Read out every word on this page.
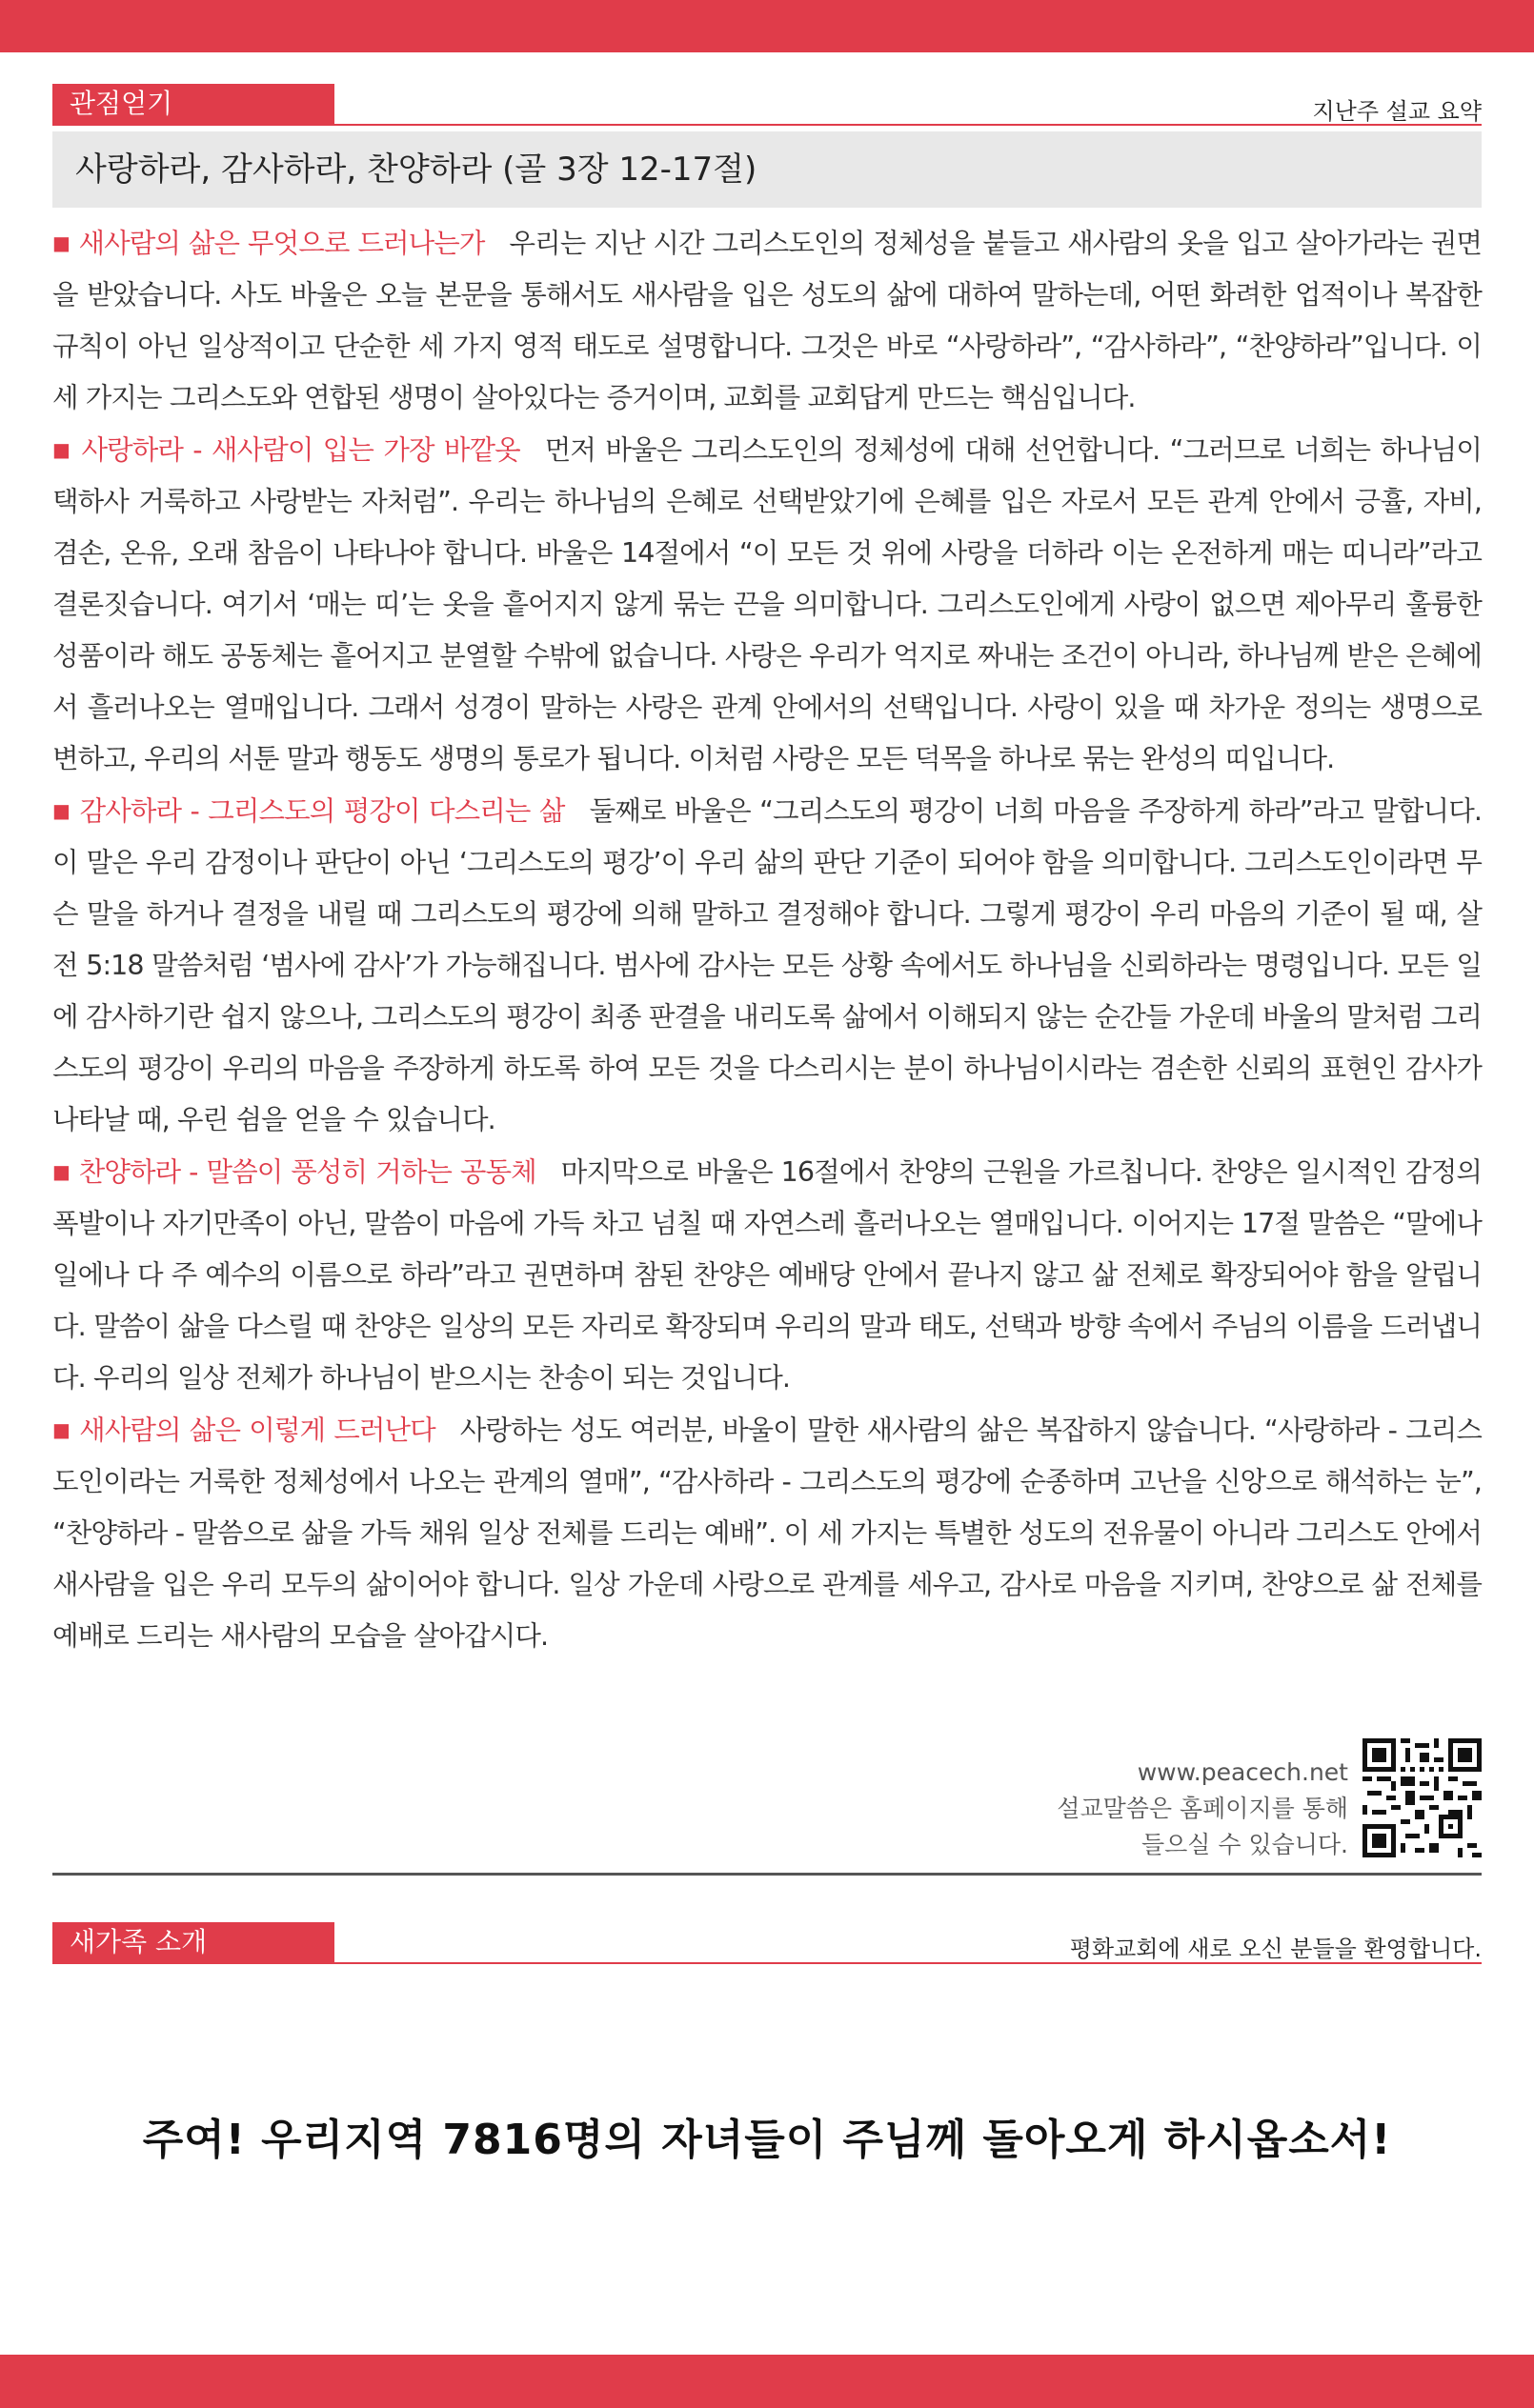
관점얻기	지난주 설교 요약
사랑하라, 감사하라, 찬양하라 (골 3장 12-17절)

■ 새사람의 삶은 무엇으로 드러나는가 우리는 지난 시간 그리스도인의 정체성을 붙들고 새사람의 옷을 입고 살아가라는 권면을 받았습니다. 사도 바울은 오늘 본문을 통해서도 새사람을 입은 성도의 삶에 대하여 말하는데, 어떤 화려한 업적이나 복잡한 규칙이 아닌 일상적이고 단순한 세 가지 영적 태도로 설명합니다. 그것은 바로 “사랑하라”, “감사하라”, “찬양하라”입니다. 이 세 가지는 그리스도와 연합된 생명이 살아있다는 증거이며, 교회를 교회답게 만드는 핵심입니다.

■ 사랑하라 - 새사람이 입는 가장 바깥옷 먼저 바울은 그리스도인의 정체성에 대해 선언합니다. “그러므로 너희는 하나님이 택하사 거룩하고 사랑받는 자처럼”. 우리는 하나님의 은혜로 선택받았기에 은혜를 입은 자로서 모든 관계 안에서 긍휼, 자비, 겸손, 온유, 오래 참음이 나타나야 합니다. 바울은 14절에서 “이 모든 것 위에 사랑을 더하라 이는 온전하게 매는 띠니라”라고 결론짓습니다. 여기서 ‘매는 띠’는 옷을 흩어지지 않게 묶는 끈을 의미합니다. 그리스도인에게 사랑이 없으면 제아무리 훌륭한 성품이라 해도 공동체는 흩어지고 분열할 수밖에 없습니다. 사랑은 우리가 억지로 짜내는 조건이 아니라, 하나님께 받은 은혜에서 흘러나오는 열매입니다. 그래서 성경이 말하는 사랑은 관계 안에서의 선택입니다. 사랑이 있을 때 차가운 정의는 생명으로 변하고, 우리의 서툰 말과 행동도 생명의 통로가 됩니다. 이처럼 사랑은 모든 덕목을 하나로 묶는 완성의 띠입니다.

■ 감사하라 - 그리스도의 평강이 다스리는 삶 둘째로 바울은 “그리스도의 평강이 너희 마음을 주장하게 하라”라고 말합니다. 이 말은 우리 감정이나 판단이 아닌 ‘그리스도의 평강’이 우리 삶의 판단 기준이 되어야 함을 의미합니다. 그리스도인이라면 무슨 말을 하거나 결정을 내릴 때 그리스도의 평강에 의해 말하고 결정해야 합니다. 그렇게 평강이 우리 마음의 기준이 될 때, 살전 5:18 말씀처럼 ‘범사에 감사’가 가능해집니다. 범사에 감사는 모든 상황 속에서도 하나님을 신뢰하라는 명령입니다. 모든 일에 감사하기란 쉽지 않으나, 그리스도의 평강이 최종 판결을 내리도록 삶에서 이해되지 않는 순간들 가운데 바울의 말처럼 그리스도의 평강이 우리의 마음을 주장하게 하도록 하여 모든 것을 다스리시는 분이 하나님이시라는 겸손한 신뢰의 표현인 감사가 나타날 때, 우린 쉼을 얻을 수 있습니다.

■ 찬양하라 - 말씀이 풍성히 거하는 공동체 마지막으로 바울은 16절에서 찬양의 근원을 가르칩니다. 찬양은 일시적인 감정의 폭발이나 자기만족이 아닌, 말씀이 마음에 가득 차고 넘칠 때 자연스레 흘러나오는 열매입니다. 이어지는 17절 말씀은 “말에나 일에나 다 주 예수의 이름으로 하라”라고 권면하며 참된 찬양은 예배당 안에서 끝나지 않고 삶 전체로 확장되어야 함을 알립니다. 말씀이 삶을 다스릴 때 찬양은 일상의 모든 자리로 확장되며 우리의 말과 태도, 선택과 방향 속에서 주님의 이름을 드러냅니다. 우리의 일상 전체가 하나님이 받으시는 찬송이 되는 것입니다.

■ 새사람의 삶은 이렇게 드러난다 사랑하는 성도 여러분, 바울이 말한 새사람의 삶은 복잡하지 않습니다. “사랑하라 - 그리스도인이라는 거룩한 정체성에서 나오는 관계의 열매”, “감사하라 - 그리스도의 평강에 순종하며 고난을 신앙으로 해석하는 눈”, “찬양하라 - 말씀으로 삶을 가득 채워 일상 전체를 드리는 예배”. 이 세 가지는 특별한 성도의 전유물이 아니라 그리스도 안에서 새사람을 입은 우리 모두의 삶이어야 합니다. 일상 가운데 사랑으로 관계를 세우고, 감사로 마음을 지키며, 찬양으로 삶 전체를 예배로 드리는 새사람의 모습을 살아갑시다.

www.peacech.net
설교말씀은 홈페이지를 통해
들으실 수 있습니다.
새가족 소개	평화교회에 새로 오신 분들을 환영합니다.
주여! 우리지역 7816명의 자녀들이 주님께 돌아오게 하시옵소서!
